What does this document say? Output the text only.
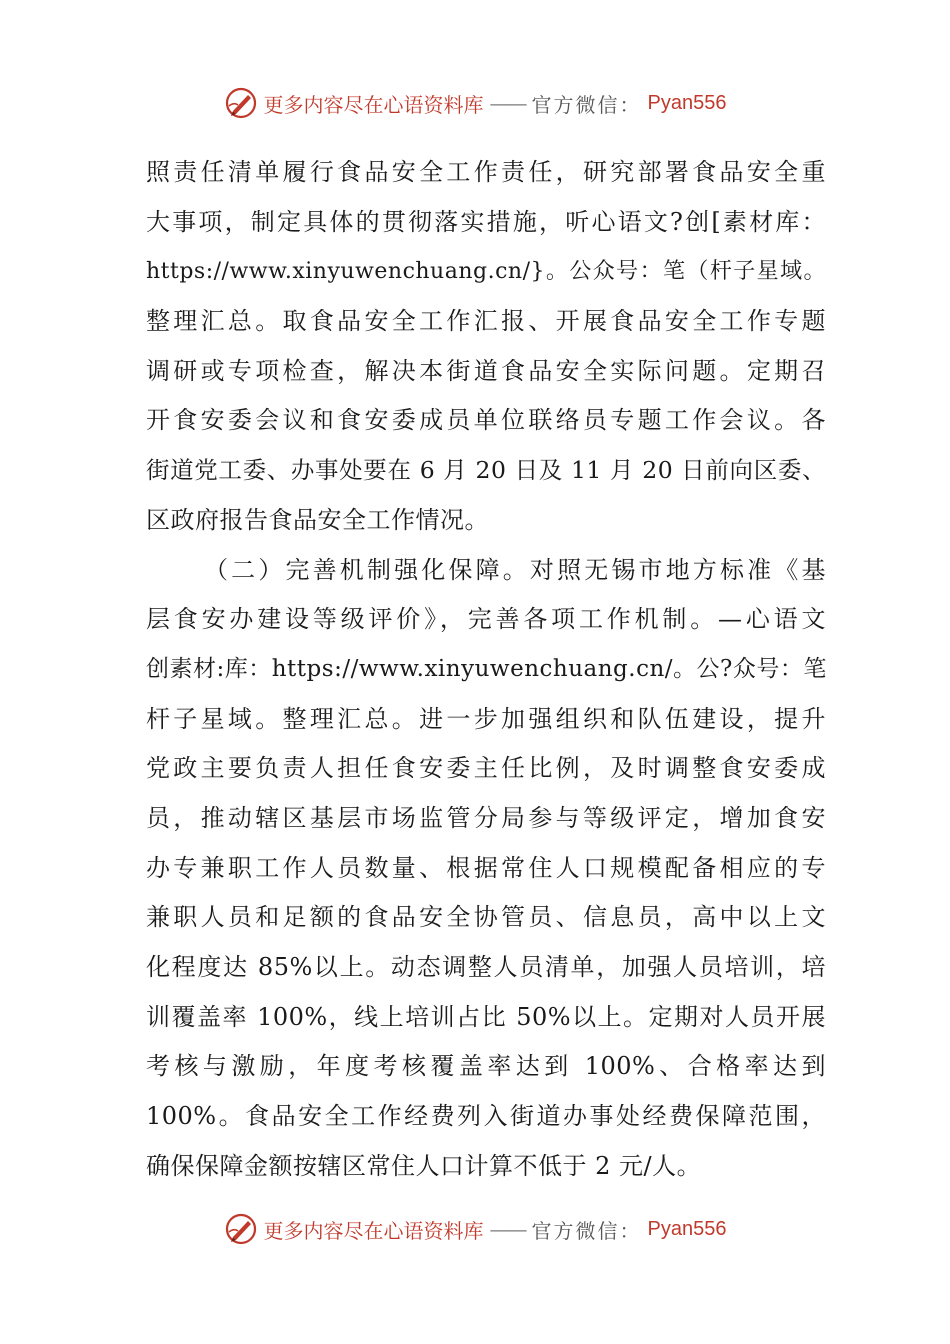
更多内容尽在心语资料库 —— 官方微信： Pyan556
照责任清单履行食品安全工作责任，研究部署食品安全重
大事项，制定具体的贯彻落实措施，听心语文?创[素材库：
https://www.xinyuwenchuang.cn/}。公众号：笔（杆子星域。
整理汇总。取食品安全工作汇报、开展食品安全工作专题
调研或专项检查，解决本街道食品安全实际问题。定期召
开食安委会议和食安委成员单位联络员专题工作会议。各
街道党工委、办事处要在 6 月 20 日及 11 月 20 日前向区委、
区政府报告食品安全工作情况。
（二）完善机制强化保障。对照无锡市地方标准《基
层食安办建设等级评价》，完善各项工作机制。—心语文
创素材:库：https://www.xinyuwenchuang.cn/。公?众号：笔
杆子星域。整理汇总。进一步加强组织和队伍建设，提升
党政主要负责人担任食安委主任比例，及时调整食安委成
员，推动辖区基层市场监管分局参与等级评定，增加食安
办专兼职工作人员数量、根据常住人口规模配备相应的专
兼职人员和足额的食品安全协管员、信息员，高中以上文
化程度达 85%以上。动态调整人员清单，加强人员培训，培
训覆盖率 100%，线上培训占比 50%以上。定期对人员开展
考核与激励，年度考核覆盖率达到 100%、合格率达到
100%。食品安全工作经费列入街道办事处经费保障范围，
确保保障金额按辖区常住人口计算不低于 2 元/人。
更多内容尽在心语资料库 —— 官方微信： Pyan556
